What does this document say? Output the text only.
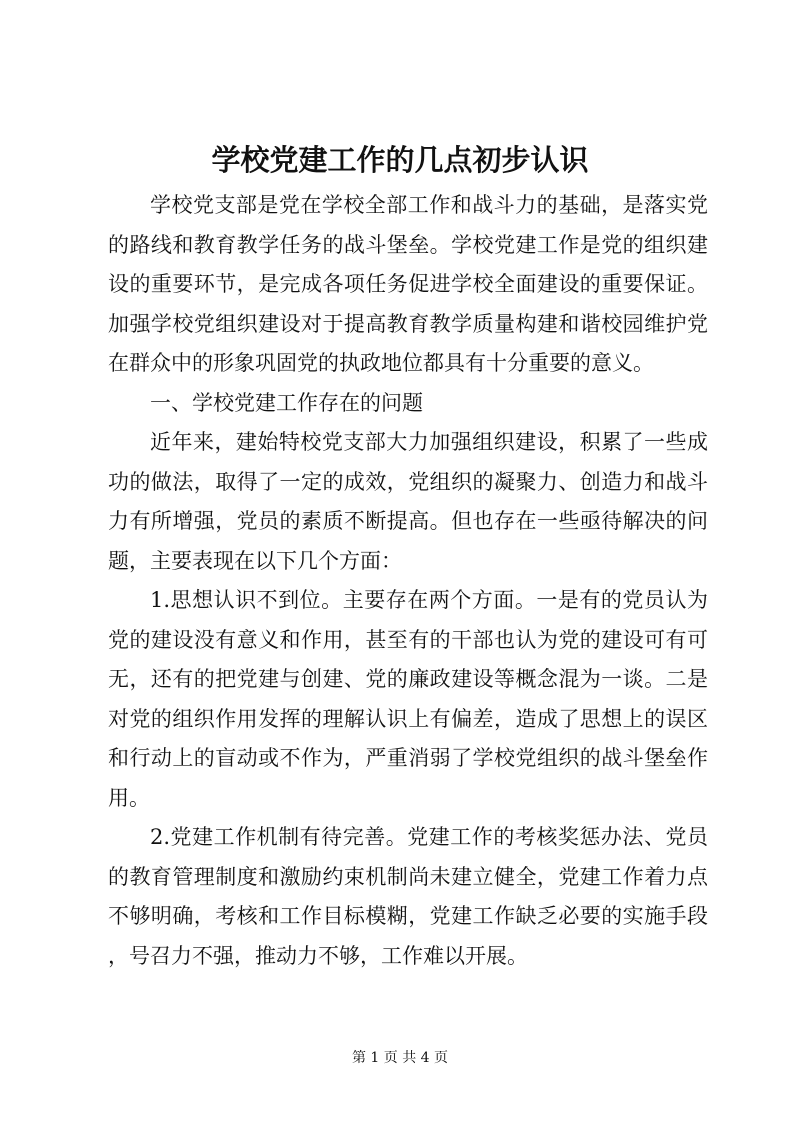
学校党建工作的几点初步认识

学校党支部是党在学校全部工作和战斗力的基础，是落实党的路线和教育教学任务的战斗堡垒。学校党建工作是党的组织建设的重要环节，是完成各项任务促进学校全面建设的重要保证。加强学校党组织建设对于提高教育教学质量构建和谐校园维护党在群众中的形象巩固党的执政地位都具有十分重要的意义。

一、学校党建工作存在的问题

近年来，建始特校党支部大力加强组织建设，积累了一些成功的做法，取得了一定的成效，党组织的凝聚力、创造力和战斗力有所增强，党员的素质不断提高。但也存在一些亟待解决的问题，主要表现在以下几个方面：

1.思想认识不到位。主要存在两个方面。一是有的党员认为党的建设没有意义和作用，甚至有的干部也认为党的建设可有可无，还有的把党建与创建、党的廉政建设等概念混为一谈。二是对党的组织作用发挥的理解认识上有偏差，造成了思想上的误区和行动上的盲动或不作为，严重消弱了学校党组织的战斗堡垒作用。

2.党建工作机制有待完善。党建工作的考核奖惩办法、党员的教育管理制度和激励约束机制尚未建立健全，党建工作着力点不够明确，考核和工作目标模糊，党建工作缺乏必要的实施手段，号召力不强，推动力不够，工作难以开展。

第 1 页 共 4 页
